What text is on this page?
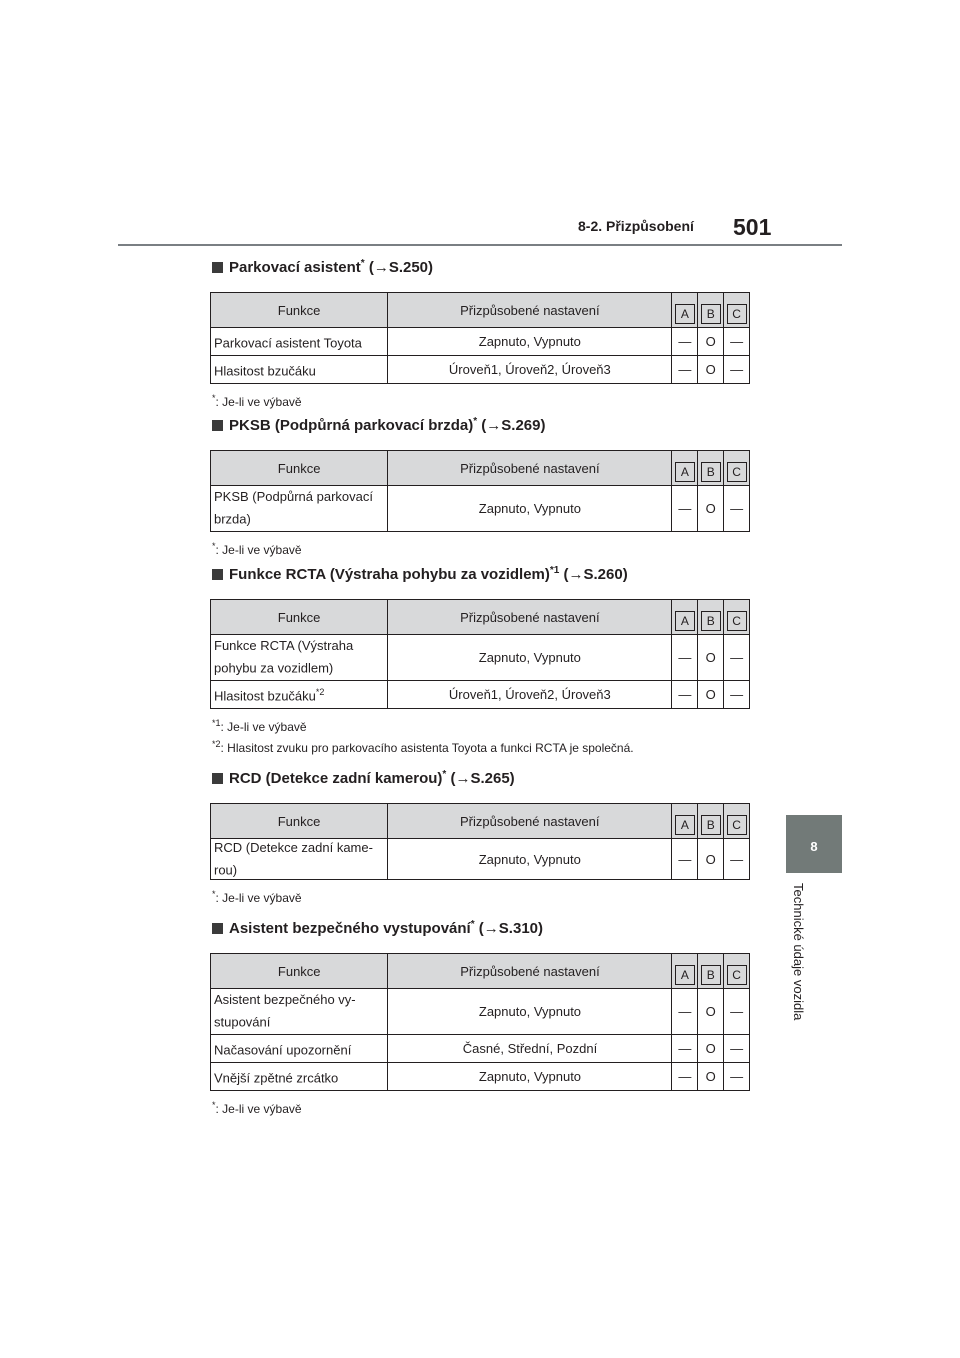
8-2. Přizpůsobení 501
8
Technické údaje vozidla
Parkovací asistent* (→S.250)
Funkce	Přizpůsobené nastavení	A	B	C
Parkovací asistent Toyota	Zapnuto, Vypnuto	—	O	—
Hlasitost bzučáku	Úroveň1, Úroveň2, Úroveň3	—	O	—
*: Je-li ve výbavě
PKSB (Podpůrná parkovací brzda)* (→S.269)
Funkce	Přizpůsobené nastavení	A	B	C
PKSB (Podpůrná parkovací brzda)	Zapnuto, Vypnuto	—	O	—
*: Je-li ve výbavě
Funkce RCTA (Výstraha pohybu za vozidlem)$^{*1}$ (→S.260)
Funkce	Přizpůsobené nastavení	A	B	C
Funkce RCTA (Výstraha pohybu za vozidlem)	Zapnuto, Vypnuto	—	O	—
Hlasitost bzučáku$^{*2}$	Úroveň1, Úroveň2, Úroveň3	—	O	—
$^{*1}$: Je-li ve výbavě
$^{*2}$: Hlasitost zvuku pro parkovacího asistenta Toyota a funkci RCTA je společná.
RCD (Detekce zadní kamerou)* (→S.265)
Funkce	Přizpůsobené nastavení	A	B	C
RCD (Detekce zadní kame-rou)	Zapnuto, Vypnuto	—	O	—
*: Je-li ve výbavě
Asistent bezpečného vystupování* (→S.310)
Funkce	Přizpůsobené nastavení	A	B	C
Asistent bezpečného vy-stupování	Zapnuto, Vypnuto	—	O	—
Načasování upozornění	Časné, Střední, Pozdní	—	O	—
Vnější zpětné zrcátko	Zapnuto, Vypnuto	—	O	—
*: Je-li ve výbavě
